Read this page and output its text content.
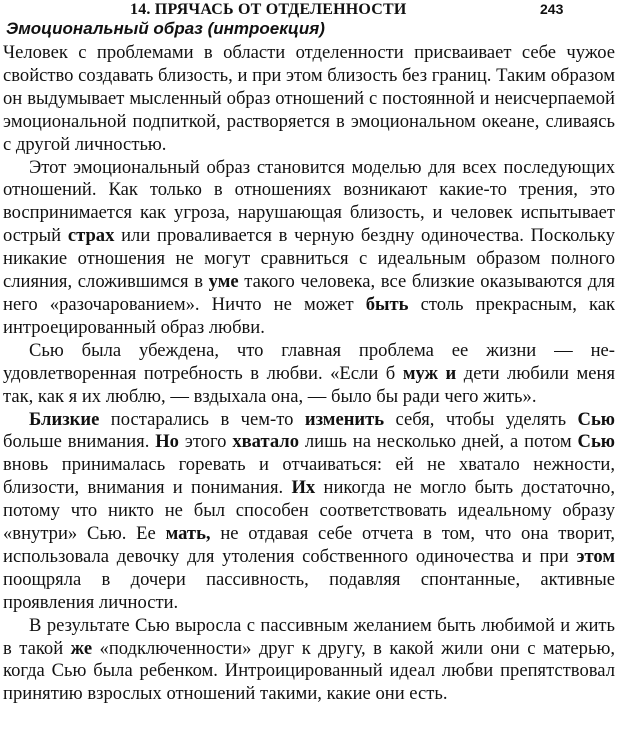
14. ПРЯЧАСЬ ОТ ОТДЕЛЕННОСТИ	243
Эмоциональный образ (интроекция)

Человек с проблемами в области отделенности присваивает себе чужое свойство создавать близость, и при этом близость без границ. Таким образом он выдумывает мысленный образ отношений с постоянной и неисчерпаемой эмоциональной подпиткой, растворяется в эмоциональном океане, сливаясь с другой личностью.

Этот эмоциональный образ становится моделью для всех последующих отношений. Как только в отношениях возникают какие-то трения, это воспринимается как угроза, нарушающая близость, и человек испытывает острый страх или проваливается в черную бездну одиночества. Поскольку никакие отношения не могут сравниться с идеальным образом полного слияния, сложившимся в уме такого человека, все близкие оказываются для него «разочарованием». Ничто не может быть столь прекрасным, как интроецированный образ любви.

Сью была убеждена, что главная проблема ее жизни — не-удовлетворенная потребность в любви. «Если б муж и дети любили меня так, как я их люблю, — вздыхала она, — было бы ради чего жить».

Близкие постарались в чем-то изменить себя, чтобы уделять Сью больше внимания. Но этого хватало лишь на несколько дней, а потом Сью вновь принималась горевать и отчаиваться: ей не хватало нежности, близости, внимания и понимания. Их никогда не могло быть достаточно, потому что никто не был способен соответствовать идеальному образу «внутри» Сью. Ее мать, не отдавая себе отчета в том, что она творит, использовала девочку для утоления собственного одиночества и при этом поощряла в дочери пассивность, подавляя спонтанные, активные проявления личности.

В результате Сью выросла с пассивным желанием быть любимой и жить в такой же «подключенности» друг к другу, в какой жили они с матерью, когда Сью была ребенком. Интроицированный идеал любви препятствовал принятию взрослых отношений такими, какие они есть.
